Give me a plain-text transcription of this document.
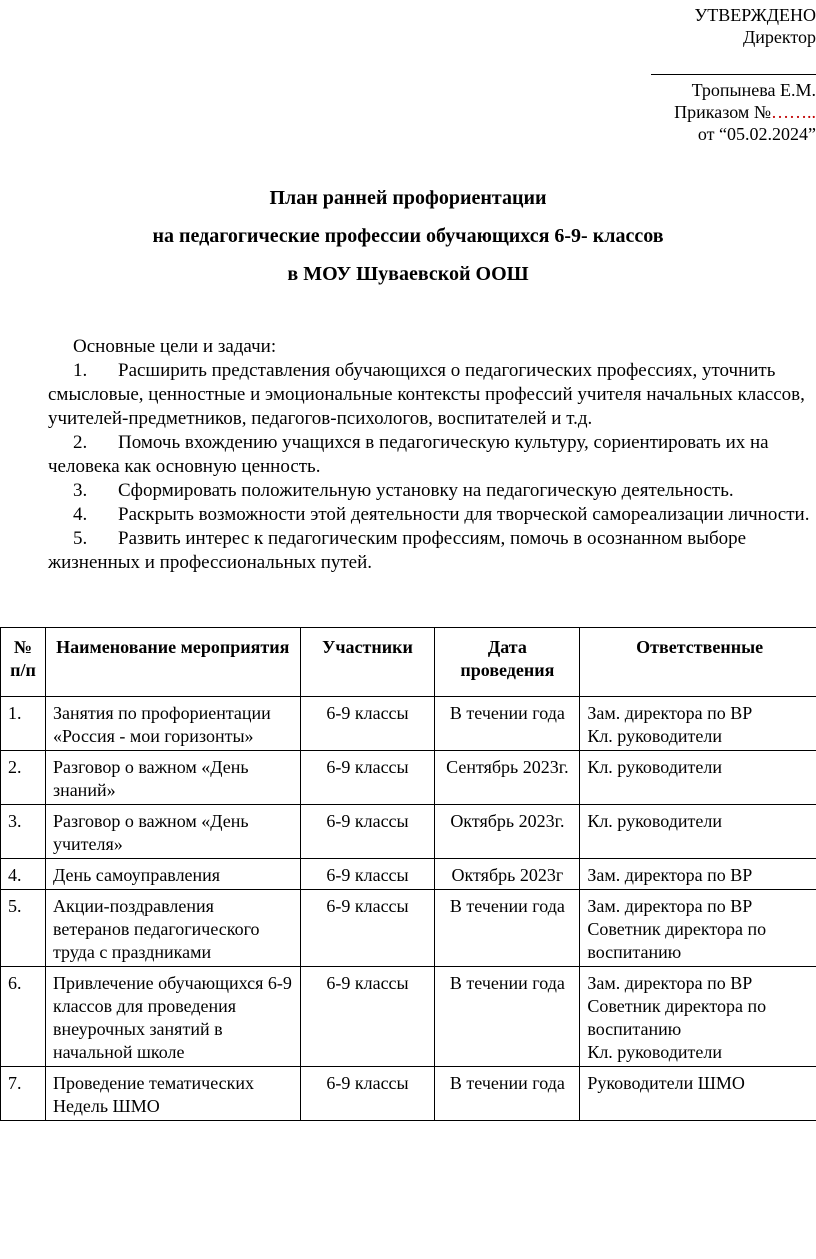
УТВЕРЖДЕНО
Директор
Тропынева Е.М.
Приказом №……..
от “05.02.2024”
План ранней профориентации
на педагогические профессии обучающихся 6-9- классов
в МОУ Шуваевской ООШ
Основные цели и задачи:
1. Расширить представления обучающихся о педагогических профессиях, уточнить смысловые, ценностные и эмоциональные контексты профессий учителя начальных классов, учителей-предметников, педагогов-психологов, воспитателей и т.д.
2. Помочь вхождению учащихся в педагогическую культуру, сориентировать их на человека как основную ценность.
3. Сформировать положительную установку на педагогическую деятельность.
4. Раскрыть возможности этой деятельности для творческой самореализации личности.
5. Развить интерес к педагогическим профессиям, помочь в осознанном выборе жизненных и профессиональных путей.
№ п/п	Наименование мероприятия	Участники	Дата проведения	Ответственные
1.	Занятия по профориентации «Россия - мои горизонты»	6-9 классы	В течении года	Зам. директора по ВР
Кл. руководители

2.	Разговор о важном «День знаний»	6-9 классы	Сентябрь 2023г.	Кл. руководители

3.	Разговор о важном «День учителя»	6-9 классы	Октябрь 2023г.	Кл. руководители

4.	День самоуправления	6-9 классы	Октябрь 2023г	Зам. директора по ВР

5.	Акции-поздравления ветеранов педагогического труда с праздниками	6-9 классы	В течении года	Зам. директора по ВР
Советник директора по воспитанию

6.	Привлечение обучающихся 6-9 классов для проведения внеурочных занятий в начальной школе	6-9 классы	В течении года	Зам. директора по ВР
Советник директора по воспитанию
Кл. руководители

7.	Проведение тематических Недель ШМО	6-9 классы	В течении года	Руководители ШМО
